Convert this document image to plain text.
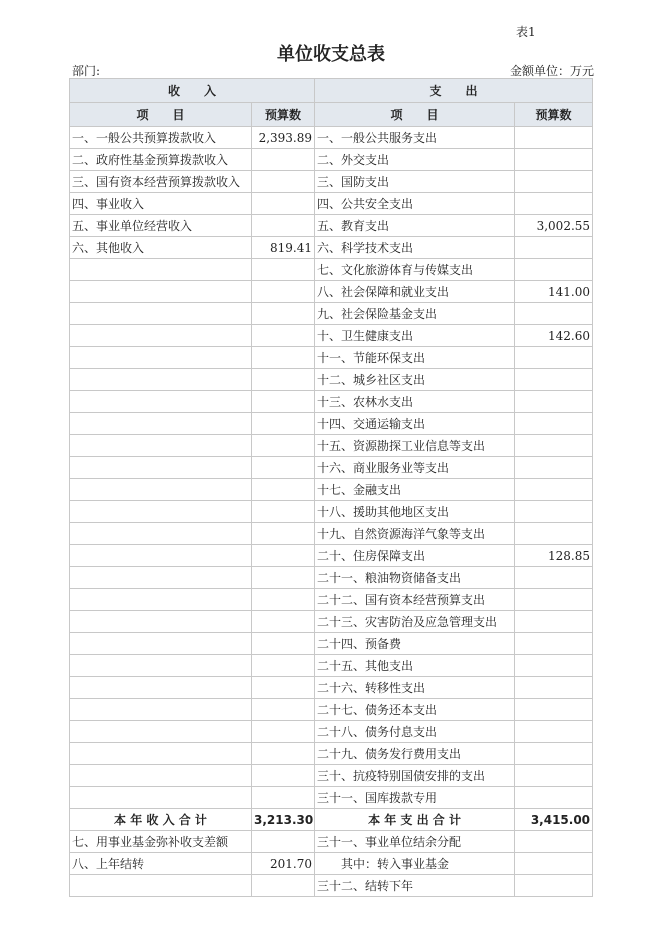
表1
单位收支总表
部门:	金额单位：万元
收　　入		支　　出	
项　　目	预算数	项　　目	预算数
一、一般公共预算拨款收入	2,393.89	一、一般公共服务支出	
二、政府性基金预算拨款收入		二、外交支出	
三、国有资本经营预算拨款收入		三、国防支出	
四、事业收入		四、公共安全支出	
五、事业单位经营收入		五、教育支出	3,002.55
六、其他收入	819.41	六、科学技术支出	
		七、文化旅游体育与传媒支出	
		八、社会保障和就业支出	141.00
		九、社会保险基金支出	
		十、卫生健康支出	142.60
		十一、节能环保支出	
		十二、城乡社区支出	
		十三、农林水支出	
		十四、交通运输支出	
		十五、资源勘探工业信息等支出	
		十六、商业服务业等支出	
		十七、金融支出	
		十八、援助其他地区支出	
		十九、自然资源海洋气象等支出	
		二十、住房保障支出	128.85
		二十一、粮油物资储备支出	
		二十二、国有资本经营预算支出	
		二十三、灾害防治及应急管理支出	
		二十四、预备费	
		二十五、其他支出	
		二十六、转移性支出	
		二十七、债务还本支出	
		二十八、债务付息支出	
		二十九、债务发行费用支出	
		三十、抗疫特别国债安排的支出	
		三十一、国库拨款专用	
本 年 收 入 合 计	3,213.30	本 年 支 出 合 计	3,415.00
七、用事业基金弥补收支差额		三十一、事业单位结余分配	
八、上年结转	201.70	　　其中：转入事业基金	
		三十二、结转下年	
